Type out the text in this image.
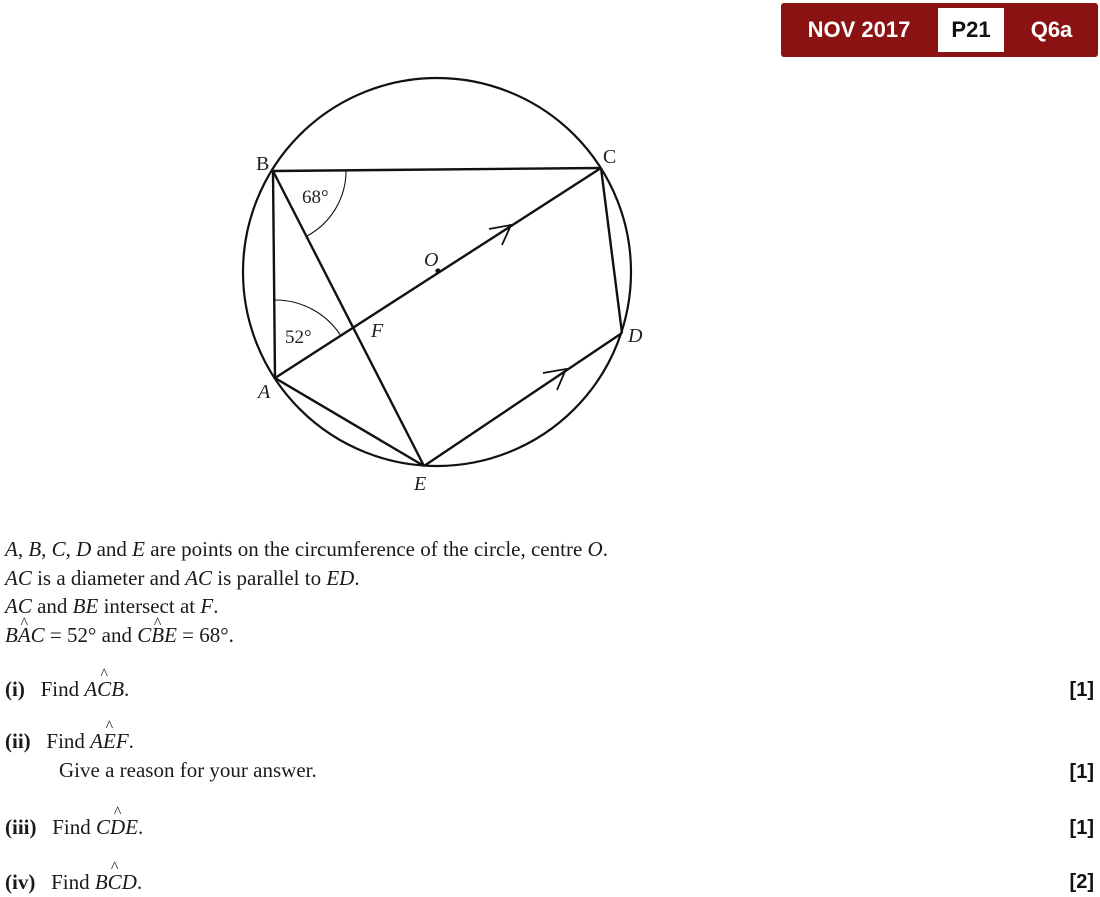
NOV 2017	P21	Q6a
B	C
A
D
E
F
O
68°
52°
A, B, C, D and E are points on the circumference of the circle, centre O.
AC is a diameter and AC is parallel to ED.
AC and BE intersect at F.
B^ AC = 52° and C^ BE = 68°.
(i)   Find A^ CB.	[1]
(ii)   Find A^ EF.
Give a reason for your answer.	[1]
(iii)   Find C^ DE.	[1]
(iv)   Find B^ CD.	[2]
